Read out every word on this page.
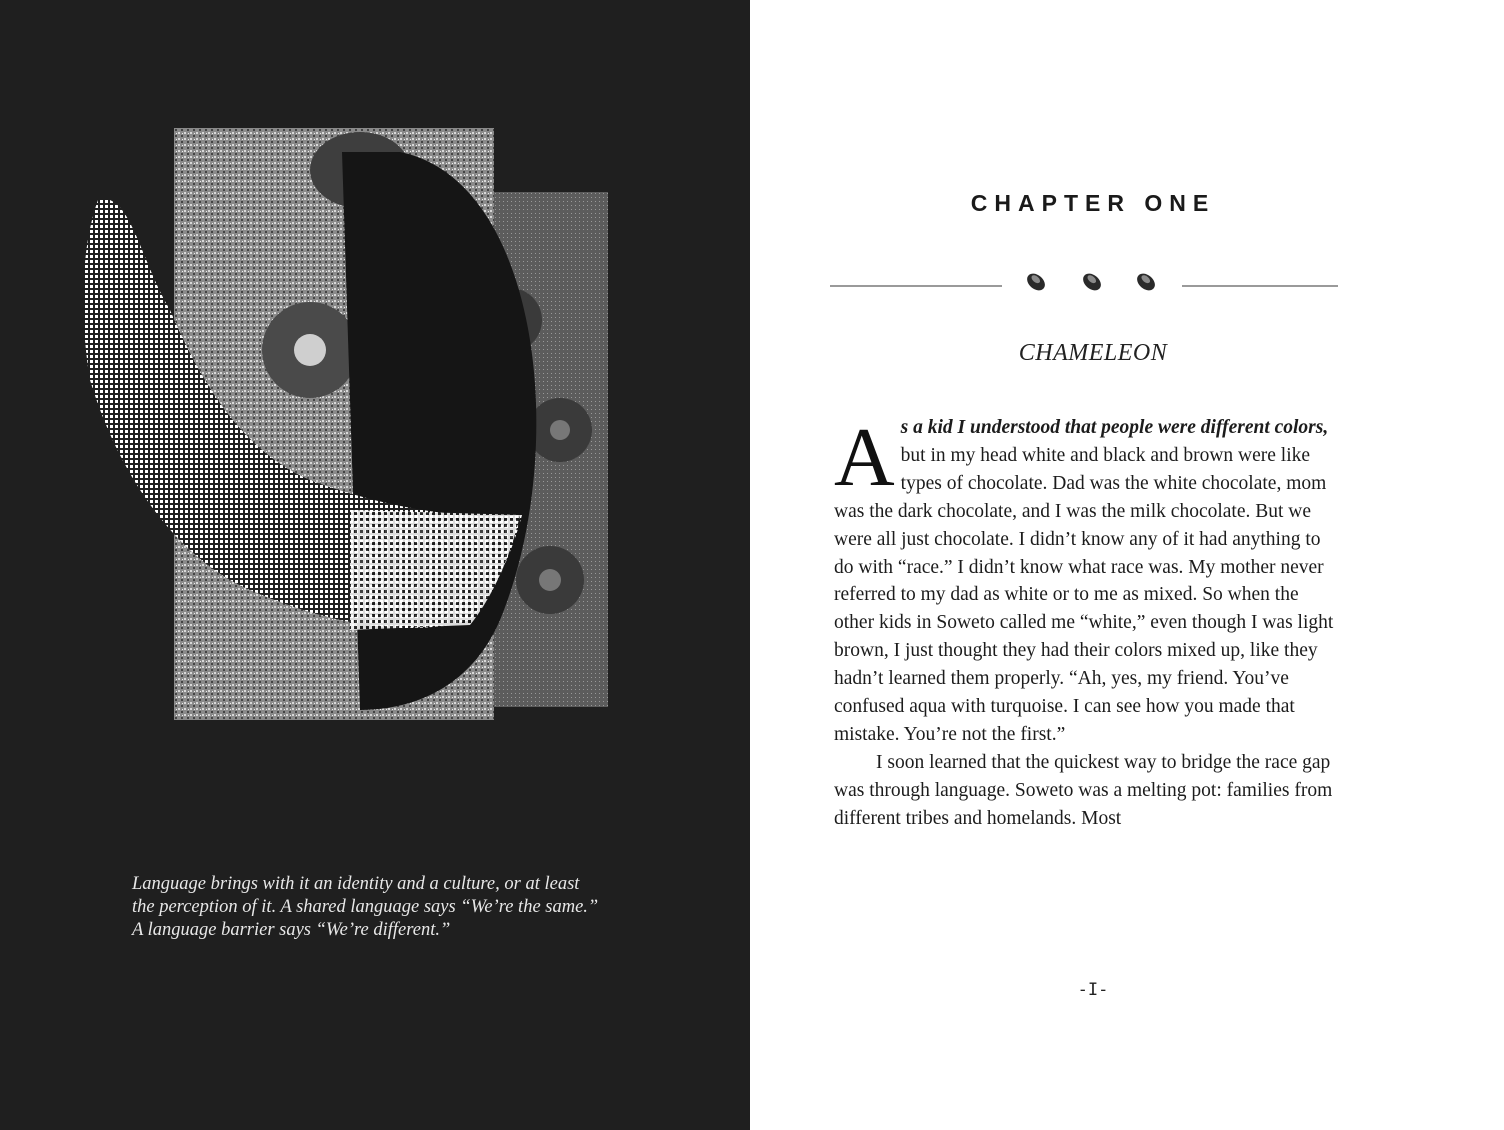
Language brings with it an identity and a culture, or at least

the perception of it. A shared language says “We’re the same.”

A language barrier says “We’re different.”

CHAPTER ONE
CHAMELEON

As a kid I understood that people were different colors, but in my head white and black and brown were like types of chocolate. Dad was the white chocolate, mom was the dark chocolate, and I was the milk chocolate. But we were all just chocolate. I didn’t know any of it had anything to do with “race.” I didn’t know what race was. My mother never referred to my dad as white or to me as mixed. So when the other kids in Soweto called me “white,” even though I was light brown, I just thought they had their colors mixed up, like they hadn’t learned them properly. “Ah, yes, my friend. You’ve confused aqua with turquoise. I can see how you made that mistake. You’re not the first.”

I soon learned that the quickest way to bridge the race gap was through language. Soweto was a melting pot: families from different tribes and homelands. Most

-I-
